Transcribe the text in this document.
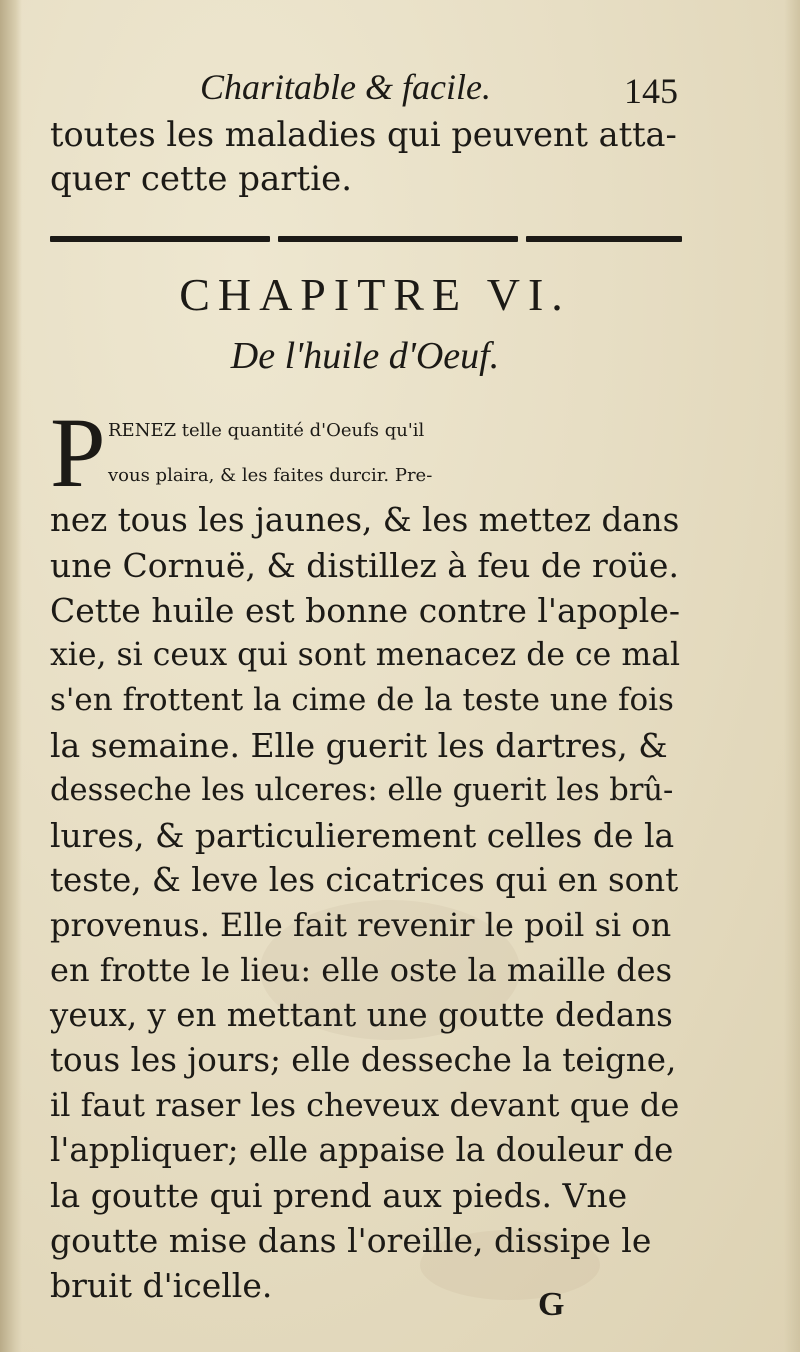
Charitable & facile.	145
toutes les maladies qui peuvent atta-
quer cette partie.
CHAPITRE VI.
De l'huile d'Oeuf.
P RENEZ telle quantité d'Oeufs qu'il
vous plaira, & les faites durcir. Pre-
nez tous les jaunes, & les mettez dans
une Cornuë, & distillez à feu de roüe.
Cette huile est bonne contre l'apople-
xie, si ceux qui sont menacez de ce mal
s'en frottent la cime de la teste une fois
la semaine. Elle guerit les dartres, &
desseche les ulceres: elle guerit les brû-
lures, & particulierement celles de la
teste, & leve les cicatrices qui en sont
provenus. Elle fait revenir le poil si on
en frotte le lieu: elle oste la maille des
yeux, y en mettant une goutte dedans
tous les jours; elle desseche la teigne,
il faut raser les cheveux devant que de
l'appliquer; elle appaise la douleur de
la goutte qui prend aux pieds. Vne
goutte mise dans l'oreille, dissipe le
bruit d'icelle.	G
